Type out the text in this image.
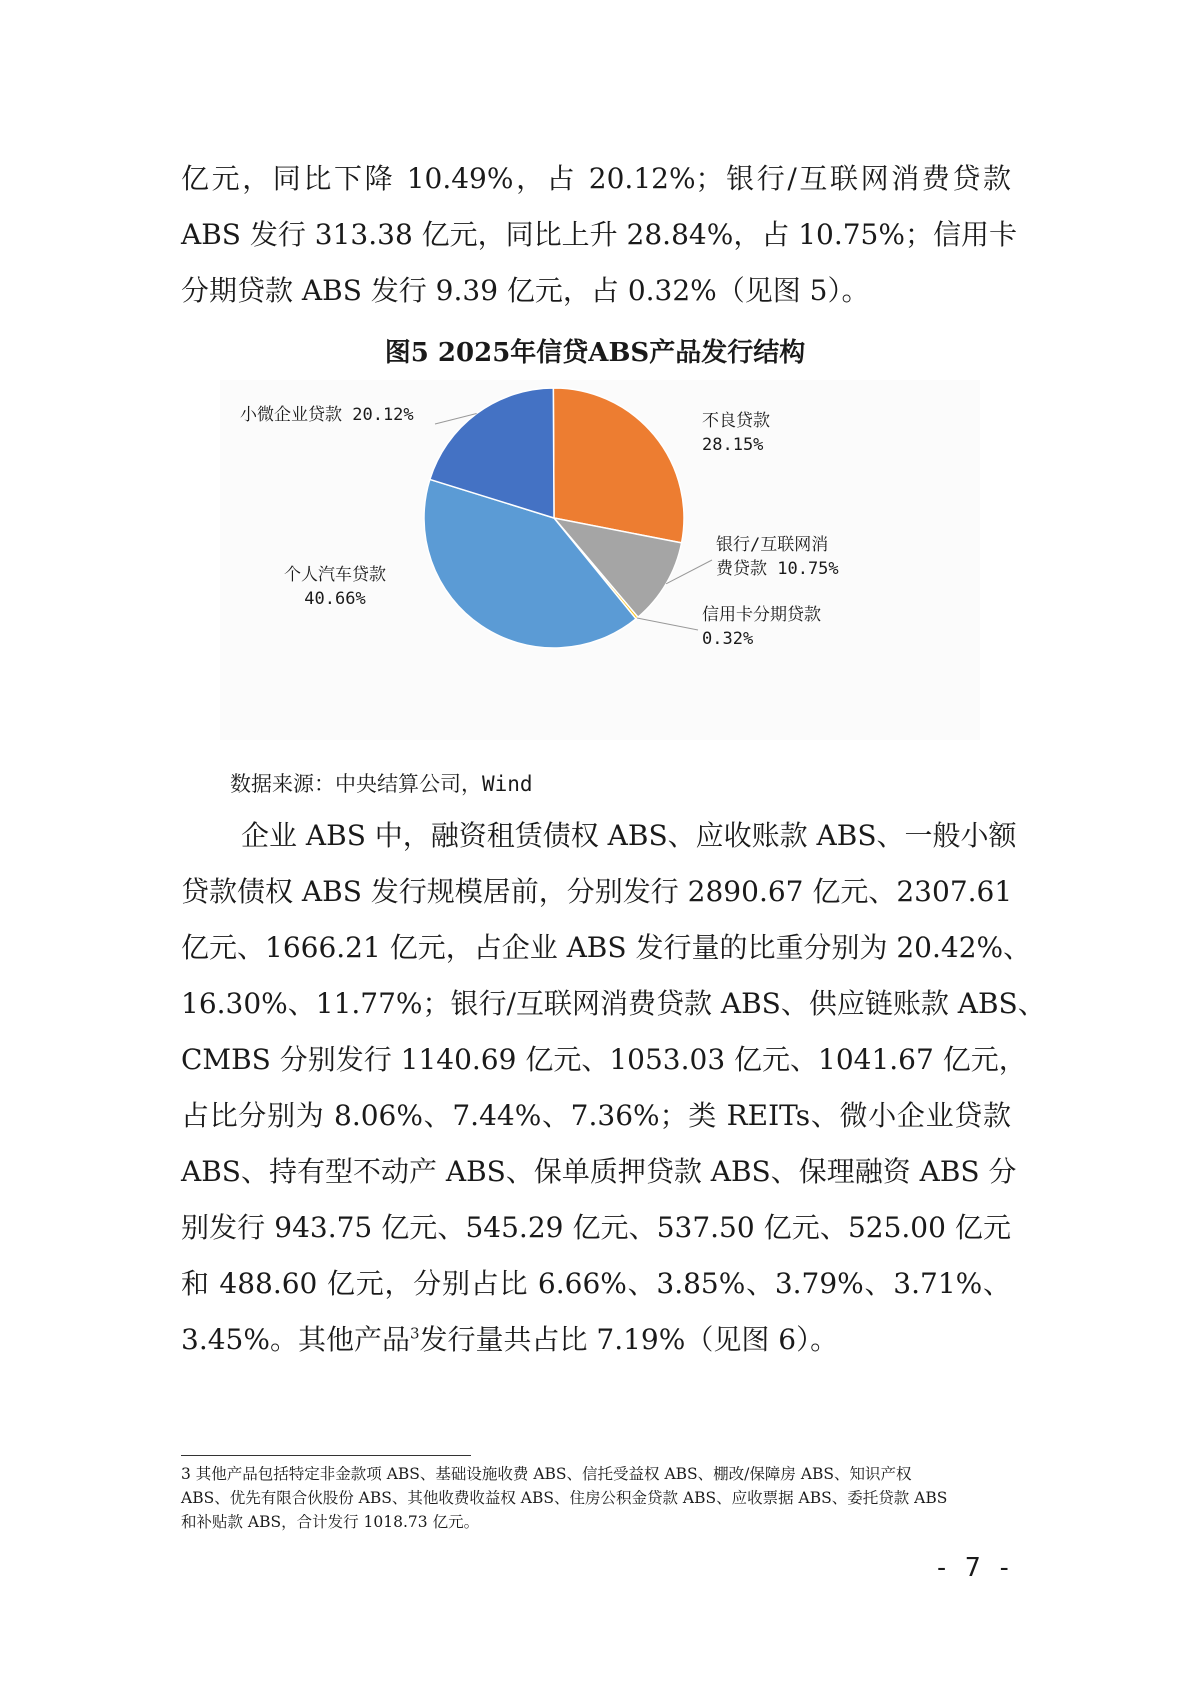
亿元，同比下降 10.49%，占 20.12%；银行/互联网消费贷款
ABS 发行 313.38 亿元，同比上升 28.84%，占 10.75%；信用卡
分期贷款 ABS 发行 9.39 亿元，占 0.32%（见图 5）。
图5 2025年信贷ABS产品发行结构
不良贷款
28.15%
银行/互联网消
费贷款 10.75%
信用卡分期贷款
0.32%
个人汽车贷款
40.66%
小微企业贷款 20.12%
数据来源：中央结算公司，Wind
企业 ABS 中，融资租赁债权 ABS、应收账款 ABS、一般小额
贷款债权 ABS 发行规模居前，分别发行 2890.67 亿元、2307.61
亿元、1666.21 亿元，占企业 ABS 发行量的比重分别为 20.42%、
16.30%、11.77%；银行/互联网消费贷款 ABS、供应链账款 ABS、
CMBS 分别发行 1140.69 亿元、1053.03 亿元、1041.67 亿元，
占比分别为 8.06%、7.44%、7.36%；类 REITs、微小企业贷款
ABS、持有型不动产 ABS、保单质押贷款 ABS、保理融资 ABS 分
别发行 943.75 亿元、545.29 亿元、537.50 亿元、525.00 亿元
和 488.60 亿元，分别占比 6.66%、3.85%、3.79%、3.71%、
3.45%。其他产品$^3$发行量共占比 7.19%（见图 6）。
3 其他产品包括特定非金款项 ABS、基础设施收费 ABS、信托受益权 ABS、棚改/保障房 ABS、知识产权
ABS、优先有限合伙股份 ABS、其他收费收益权 ABS、住房公积金贷款 ABS、应收票据 ABS、委托贷款 ABS
和补贴款 ABS，合计发行 1018.73 亿元。
- 7 -
